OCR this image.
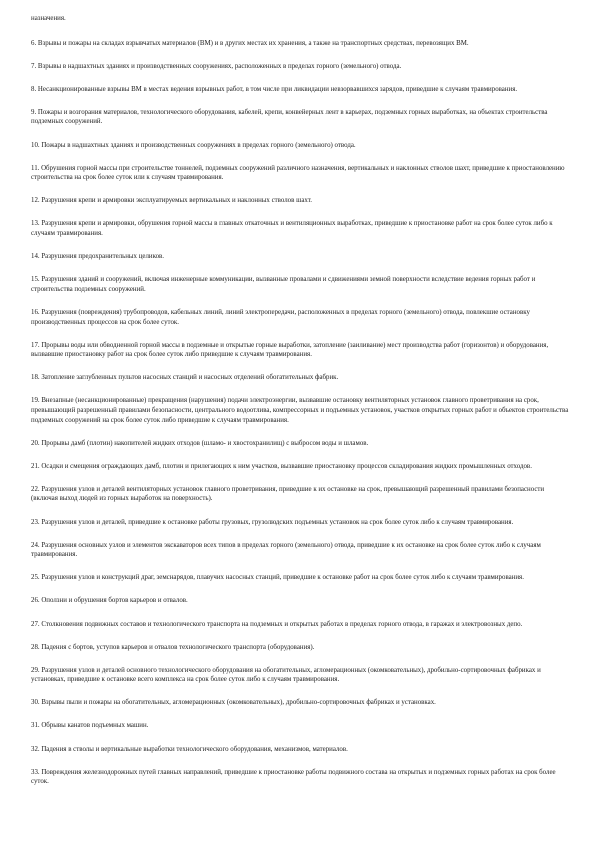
назначения.

6. Взрывы и пожары на складах взрывчатых материалов (ВМ) и в других местах их хранения, а также на транспортных средствах, перевозящих ВМ.

7. Взрывы в надшахтных зданиях и производственных сооружениях, расположенных в пределах горного (земельного) отвода.

8. Несанкционированные взрывы ВМ в местах ведения взрывных работ, в том числе при ликвидации невзорвавшихся зарядов, приведшие к случаям травмирования.

9. Пожары и возгорания материалов, технологического оборудования, кабелей, крепи, конвейерных лент в карьерах, подземных горных выработках, на объектах строительства подземных сооружений.

10. Пожары в надшахтных зданиях и производственных сооружениях в пределах горного (земельного) отвода.

11. Обрушения горной массы при строительстве тоннелей, подземных сооружений различного назначения, вертикальных и наклонных стволов шахт, приведшие к приостановлению строительства на срок более суток или к случаям травмирования.

12. Разрушения крепи и армировки эксплуатируемых вертикальных и наклонных стволов шахт.

13. Разрушения крепи и армировки, обрушения горной массы в главных откаточных и вентиляционных выработках, приведшие к приостановке работ на срок более суток либо к случаям травмирования.

14. Разрушения предохранительных целиков.

15. Разрушения зданий и сооружений, включая инженерные коммуникации, вызванные провалами и сдвижениями земной поверхности вследствие ведения горных работ и строительства подземных сооружений.

16. Разрушения (повреждения) трубопроводов, кабельных линий, линий электропередачи, расположенных в пределах горного (земельного) отвода, повлекшие остановку производственных процессов на срок более суток.

17. Прорывы воды или обводненной горной массы в подземные и открытые горные выработки, затопление (заиливание) мест производства работ (горизонтов) и оборудования, вызвавшие приостановку работ на срок более суток либо приведшие к случаям травмирования.

18. Затопление заглубленных пультов насосных станций и насосных отделений обогатительных фабрик.

19. Внезапные (несанкционированные) прекращения (нарушения) подачи электроэнергии, вызвавшие остановку вентиляторных установок главного проветривания на срок, превышающий разрешенный правилами безопасности, центрального водоотлива, компрессорных и подъемных установок, участков открытых горных работ и объектов строительства подземных сооружений на срок более суток либо приведшие к случаям травмирования.

20. Прорывы дамб (плотин) накопителей жидких отходов (шламо- и хвостохранилищ) с выбросом воды и шламов.

21. Осадки и смещения ограждающих дамб, плотин и прилегающих к ним участков, вызвавшие приостановку процессов складирования жидких промышленных отходов.

22. Разрушения узлов и деталей вентиляторных установок главного проветривания, приведшие к их остановке на срок, превышающий разрешенный правилами безопасности (включая выход людей из горных выработок на поверхность).

23. Разрушения узлов и деталей, приведшие к остановке работы грузовых, грузолюдских подъемных установок на срок более суток либо к случаям травмирования.

24. Разрушения основных узлов и элементов экскаваторов всех типов в пределах горного (земельного) отвода, приведшие к их остановке на срок более суток либо к случаям травмирования.

25. Разрушения узлов и конструкций драг, земснарядов, плавучих насосных станций, приведшие к остановке работ на срок более суток либо к случаям травмирования.

26. Оползни и обрушения бортов карьеров и отвалов.

27. Столкновения подвижных составов и технологического транспорта на подземных и открытых работах в пределах горного отвода, в гаражах и электровозных депо.

28. Падения с бортов, уступов карьеров и отвалов технологического транспорта (оборудования).

29. Разрушения узлов и деталей основного технологического оборудования на обогатительных, агломерационных (окомковательных), дробильно-сортировочных фабриках и установках, приведшие к остановке всего комплекса на срок более суток либо к случаям травмирования.

30. Взрывы пыли и пожары на обогатительных, агломерационных (окомковательных), дробильно-сортировочных фабриках и установках.

31. Обрывы канатов подъемных машин.

32. Падения в стволы и вертикальные выработки технологического оборудования, механизмов, материалов.

33. Повреждения железнодорожных путей главных направлений, приведшие к приостановке работы подвижного состава на открытых и подземных горных работах на срок более суток.
